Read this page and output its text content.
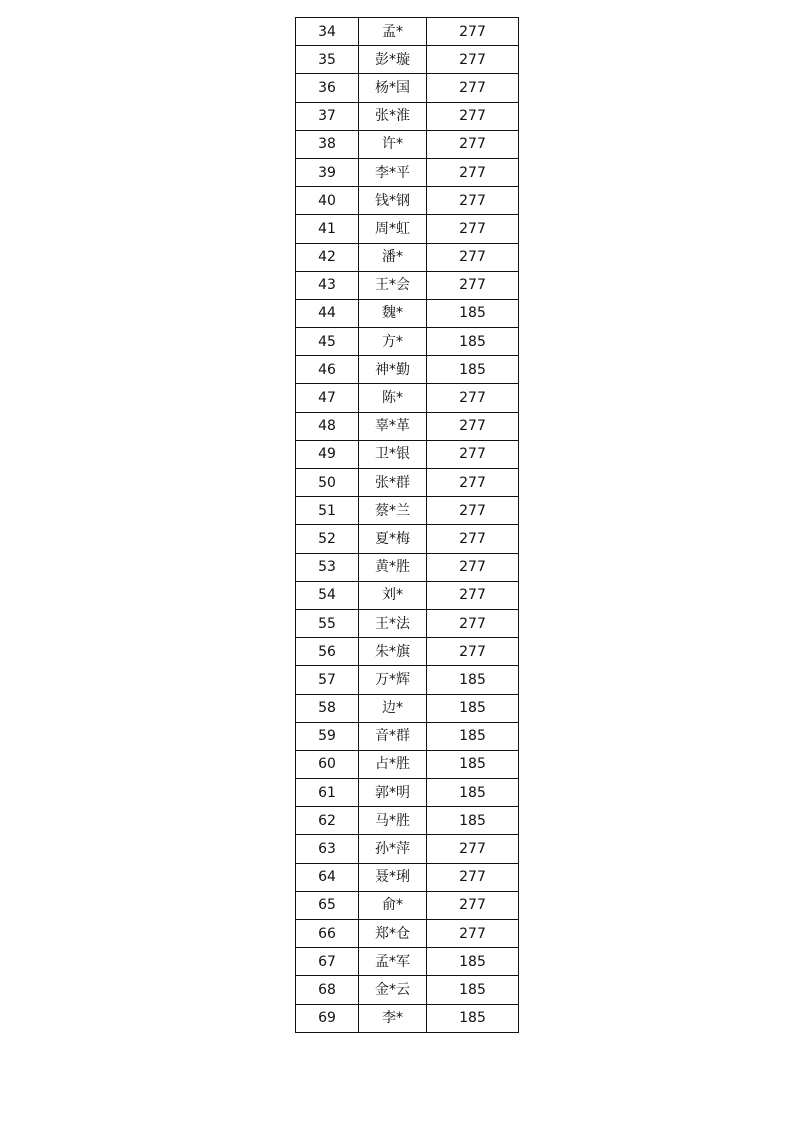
34	孟*	277
35	彭*璇	277
36	杨*国	277
37	张*淮	277
38	许*	277
39	李*平	277
40	钱*钢	277
41	周*虹	277
42	潘*	277
43	王*会	277
44	魏*	185
45	方*	185
46	神*勤	185
47	陈*	277
48	辜*革	277
49	卫*银	277
50	张*群	277
51	蔡*兰	277
52	夏*梅	277
53	黄*胜	277
54	刘*	277
55	王*法	277
56	朱*旗	277
57	万*辉	185
58	边*	185
59	音*群	185
60	占*胜	185
61	郭*明	185
62	马*胜	185
63	孙*萍	277
64	聂*琍	277
65	俞*	277
66	郑*仓	277
67	孟*军	185
68	金*云	185
69	李*	185
